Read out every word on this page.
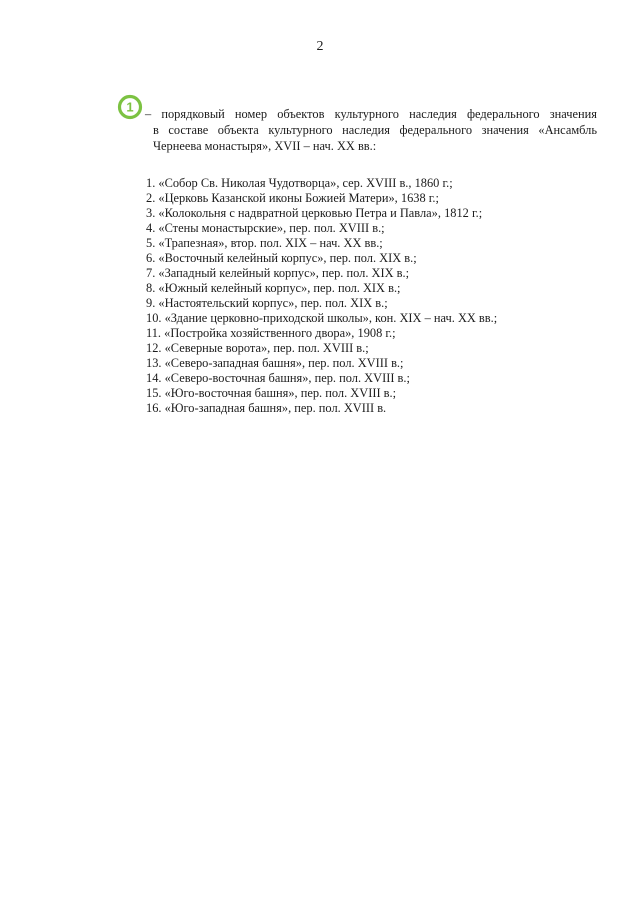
2
1 – порядковый номер объектов культурного наследия федерального значения
в составе объекта культурного наследия федерального значения «Ансамбль
Чернеева монастыря», XVII – нач. XX вв.:
1. «Собор Св. Николая Чудотворца», сер. XVIII в., 1860 г.;
2. «Церковь Казанской иконы Божией Матери», 1638 г.;
3. «Колокольня с надвратной церковью Петра и Павла», 1812 г.;
4. «Стены монастырские», пер. пол. XVIII в.;
5. «Трапезная», втор. пол. XIX – нач. XX вв.;
6. «Восточный келейный корпус», пер. пол. XIX в.;
7. «Западный келейный корпус», пер. пол. XIX в.;
8. «Южный келейный корпус», пер. пол. XIX в.;
9. «Настоятельский корпус», пер. пол. XIX в.;
10. «Здание церковно-приходской школы», кон. XIX – нач. XX вв.;
11. «Постройка хозяйственного двора», 1908 г.;
12. «Северные ворота», пер. пол. XVIII в.;
13. «Северо-западная башня», пер. пол. XVIII в.;
14. «Северо-восточная башня», пер. пол. XVIII в.;
15. «Юго-восточная башня», пер. пол. XVIII в.;
16. «Юго-западная башня», пер. пол. XVIII в.
